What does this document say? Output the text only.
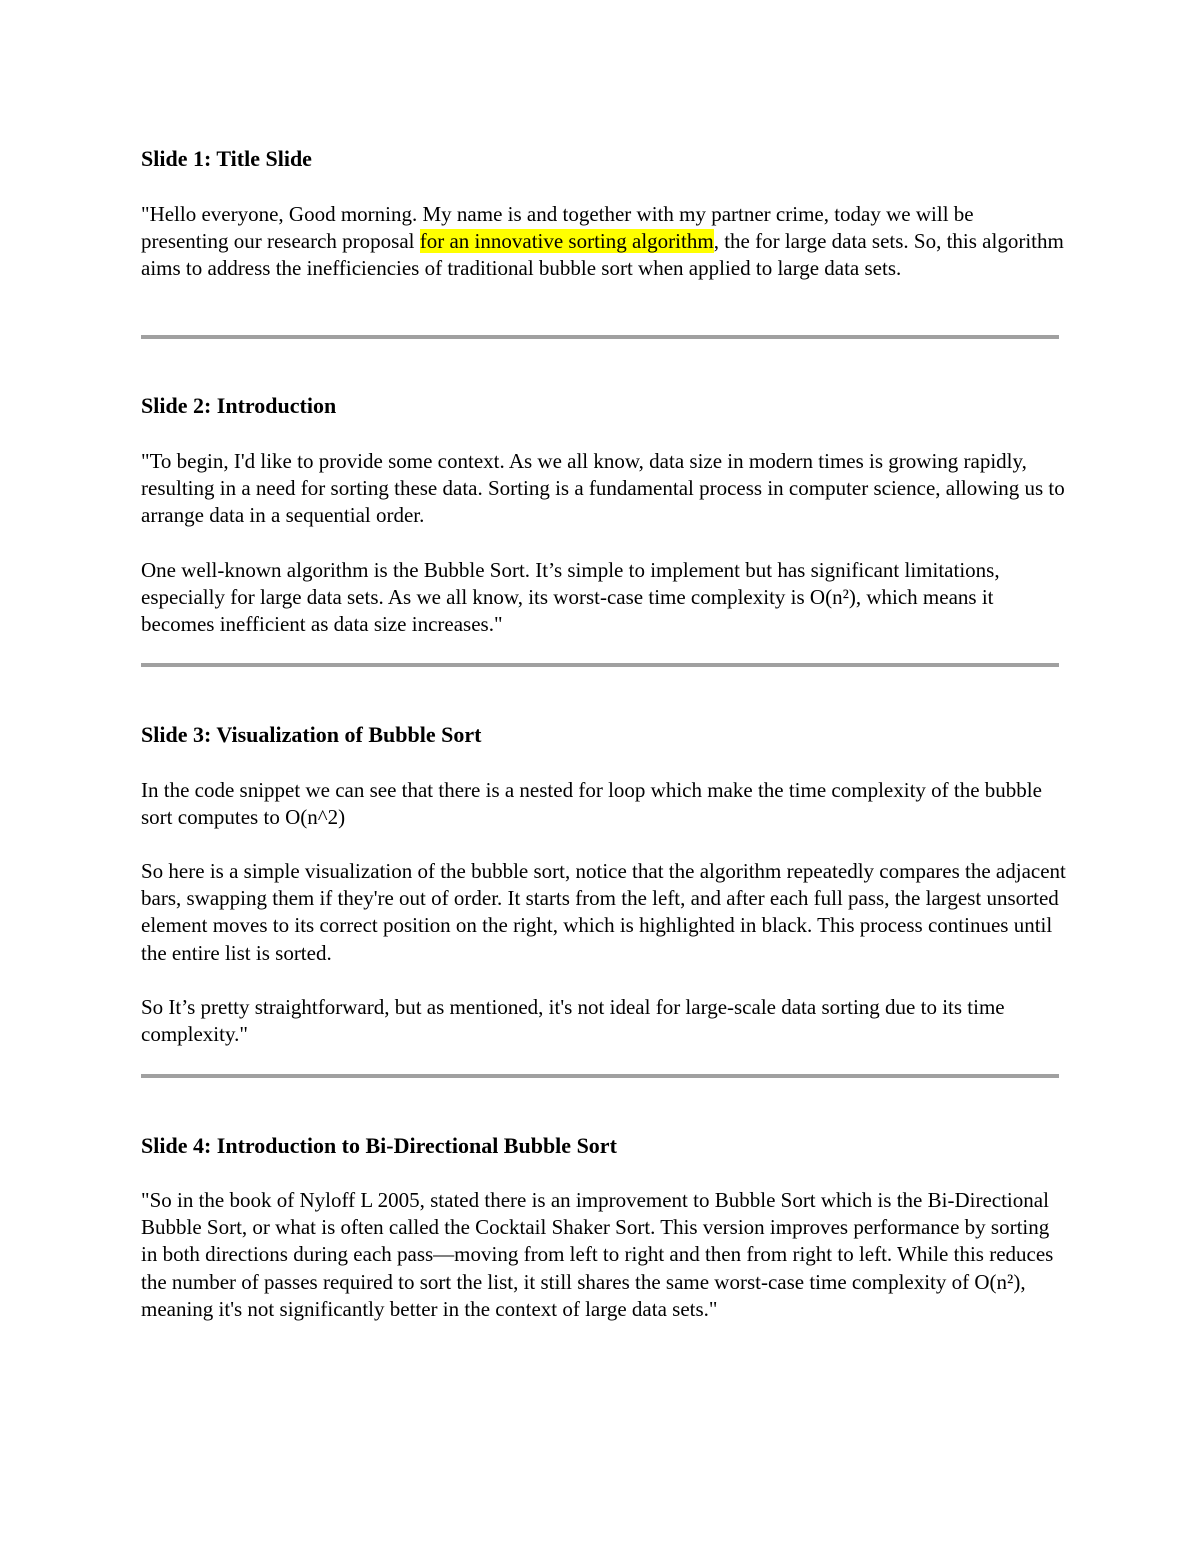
Slide 1: Title Slide

"Hello everyone, Good morning. My name is and together with my partner crime, today we will be presenting our research proposal for an innovative sorting algorithm, the for large data sets. So, this algorithm aims to address the inefficiencies of traditional bubble sort when applied to large data sets.

Slide 2: Introduction

"To begin, I'd like to provide some context. As we all know, data size in modern times is growing rapidly, resulting in a need for sorting these data. Sorting is a fundamental process in computer science, allowing us to arrange data in a sequential order.

One well-known algorithm is the Bubble Sort. It’s simple to implement but has significant limitations, especially for large data sets. As we all know, its worst-case time complexity is O(n²), which means it becomes inefficient as data size increases."

Slide 3: Visualization of Bubble Sort

In the code snippet we can see that there is a nested for loop which make the time complexity of the bubble sort computes to O(n^2)

So here is a simple visualization of the bubble sort, notice that the algorithm repeatedly compares the adjacent bars, swapping them if they're out of order. It starts from the left, and after each full pass, the largest unsorted element moves to its correct position on the right, which is highlighted in black. This process continues until the entire list is sorted.

So It’s pretty straightforward, but as mentioned, it's not ideal for large-scale data sorting due to its time complexity."

Slide 4: Introduction to Bi-Directional Bubble Sort

"So in the book of Nyloff L 2005, stated there is an improvement to Bubble Sort which is the Bi-Directional Bubble Sort, or what is often called the Cocktail Shaker Sort. This version improves performance by sorting in both directions during each pass—moving from left to right and then from right to left. While this reduces the number of passes required to sort the list, it still shares the same worst-case time complexity of O(n²), meaning it's not significantly better in the context of large data sets."
